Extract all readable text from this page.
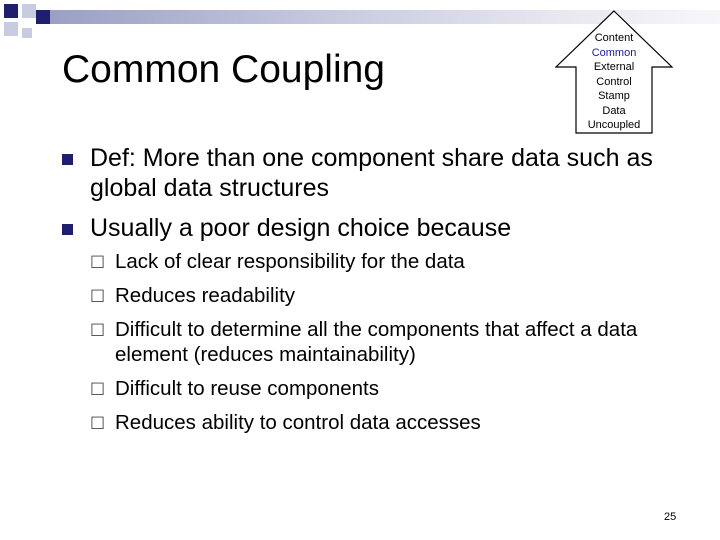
Common Coupling
Content
Common
External
Control
Stamp
Data
Uncoupled
Def: More than one component share data such as global data structures
Usually a poor design choice because
□ Lack of clear responsibility for the data
□ Reduces readability
□ Difficult to determine all the components that affect a data element (reduces maintainability)
□ Difficult to reuse components
□ Reduces ability to control data accesses
25
